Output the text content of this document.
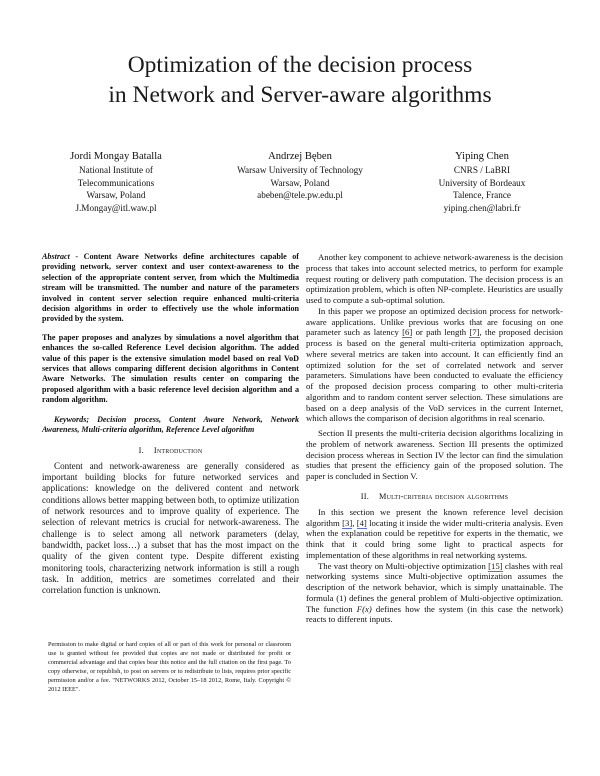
Optimization of the decision process
in Network and Server-aware algorithms
Jordi Mongay Batalla
National Institute of
Telecommunications
Warsaw, Poland
J.Mongay@itl.waw.pl
Andrzej Bęben
Warsaw University of Technology
Warsaw, Poland
abeben@tele.pw.edu.pl
Yiping Chen
CNRS / LaBRI
University of Bordeaux
Talence, France
yiping.chen@labri.fr

Abstract - Content Aware Networks define architectures capable of providing network, server context and user context-awareness to the selection of the appropriate content server, from which the Multimedia stream will be transmitted. The number and nature of the parameters involved in content server selection require enhanced multi-criteria decision algorithms in order to effectively use the whole information provided by the system.

The paper proposes and analyzes by simulations a novel algorithm that enhances the so-called Reference Level decision algorithm. The added value of this paper is the extensive simulation model based on real VoD services that allows comparing different decision algorithms in Content Aware Networks. The simulation results center on comparing the proposed algorithm with a basic reference level decision algorithm and a random algorithm.

Keywords; Decision process, Content Aware Network, Network Awareness, Multi-criteria algorithm, Reference Level algorithm

I. Introduction

Content and network-awareness are generally considered as important building blocks for future networked services and applications: knowledge on the delivered content and network conditions allows better mapping between both, to optimize utilization of network resources and to improve quality of experience. The selection of relevant metrics is crucial for network-awareness. The challenge is to select among all network parameters (delay, bandwidth, packet loss…) a subset that has the most impact on the quality of the given content type. Despite different existing monitoring tools, characterizing network information is still a rough task. In addition, metrics are sometimes correlated and their correlation function is unknown.

Permission to make digital or hard copies of all or part of this work for personal or classroom use is granted without fee provided that copies are not made or distributed for profit or commercial advantage and that copies bear this notice and the full citation on the first page. To copy otherwise, or republish, to post on servers or to redistribute to lists, requires prior specific permission and/or a fee. "NETWORKS 2012, October 15–18 2012, Rome, Italy. Copyright © 2012 IEEE".

Another key component to achieve network-awareness is the decision process that takes into account selected metrics, to perform for example request routing or delivery path computation. The decision process is an optimization problem, which is often NP-complete. Heuristics are usually used to compute a sub-optimal solution.

In this paper we propose an optimized decision process for network-aware applications. Unlike previous works that are focusing on one parameter such as latency [6] or path length [7], the proposed decision process is based on the general multi-criteria optimization approach, where several metrics are taken into account. It can efficiently find an optimized solution for the set of correlated network and server parameters. Simulations have been conducted to evaluate the efficiency of the proposed decision process comparing to other multi-criteria algorithm and to random content server selection. These simulations are based on a deep analysis of the VoD services in the current Internet, which allows the comparison of decision algorithms in real scenario.

Section II presents the multi-criteria decision algorithms localizing in the problem of network awareness. Section III presents the optimized decision process whereas in Section IV the lector can find the simulation studies that present the efficiency gain of the proposed solution. The paper is concluded in Section V.

II. Multi-criteria decision algorithms

In this section we present the known reference level decision algorithm [3], [4] locating it inside the wider multi-criteria analysis. Even when the explanation could be repetitive for experts in the thematic, we think that it could bring some light to practical aspects for implementation of these algorithms in real networking systems.

The vast theory on Multi-objective optimization [15] clashes with real networking systems since Multi-objective optimization assumes the description of the network behavior, which is simply unattainable. The formula (1) defines the general problem of Multi-objective optimization. The function F(x) defines how the system (in this case the network) reacts to different inputs.
